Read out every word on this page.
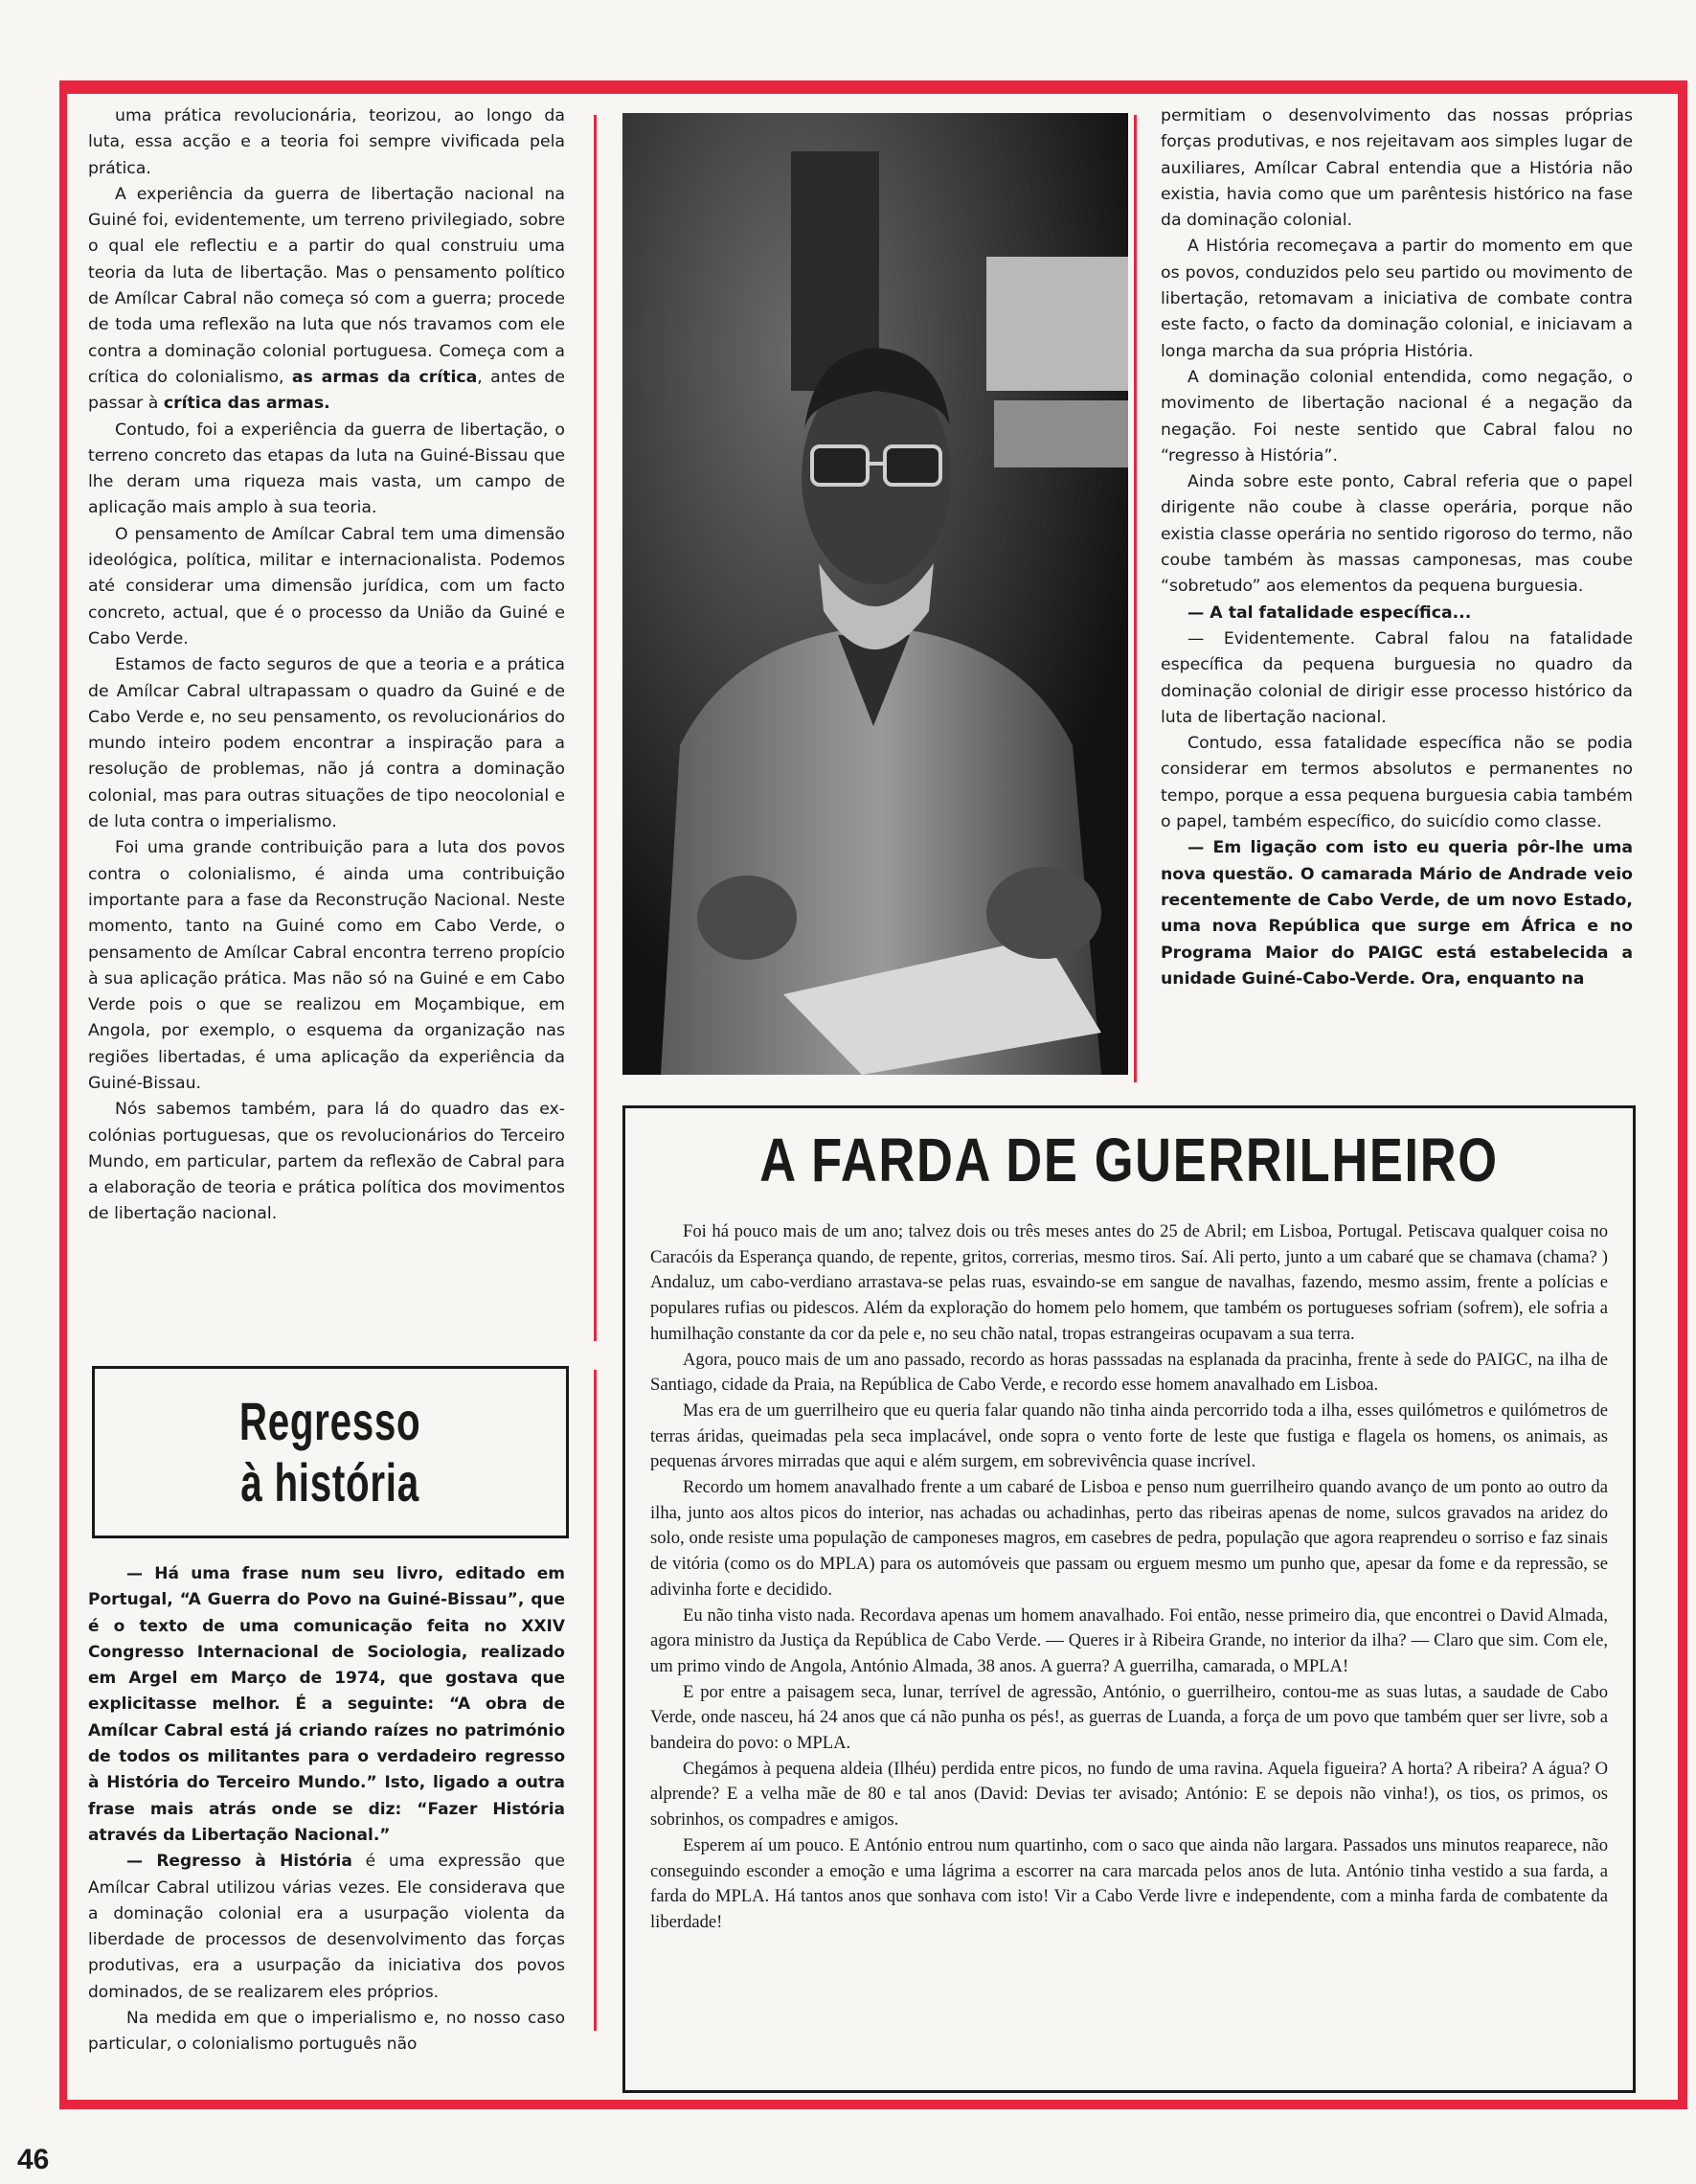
uma prática revolucionária, teorizou, ao longo da luta, essa acção e a teoria foi sempre vivificada pela prática.

A experiência da guerra de libertação nacional na Guiné foi, evidentemente, um terreno privilegiado, sobre o qual ele reflectiu e a partir do qual construiu uma teoria da luta de libertação. Mas o pensamento político de Amílcar Cabral não começa só com a guerra; procede de toda uma reflexão na luta que nós travamos com ele contra a dominação colonial portuguesa. Começa com a crítica do colonialismo, as armas da crítica, antes de passar à crítica das armas.

Contudo, foi a experiência da guerra de libertação, o terreno concreto das etapas da luta na Guiné-Bissau que lhe deram uma riqueza mais vasta, um campo de aplicação mais amplo à sua teoria.

O pensamento de Amílcar Cabral tem uma dimensão ideológica, política, militar e internacionalista. Podemos até considerar uma dimensão jurídica, com um facto concreto, actual, que é o processo da União da Guiné e Cabo Verde.

Estamos de facto seguros de que a teoria e a prática de Amílcar Cabral ultrapassam o quadro da Guiné e de Cabo Verde e, no seu pensamento, os revolucionários do mundo inteiro podem encontrar a inspiração para a resolução de problemas, não já contra a dominação colonial, mas para outras situações de tipo neocolonial e de luta contra o imperialismo.

Foi uma grande contribuição para a luta dos povos contra o colonialismo, é ainda uma contribuição importante para a fase da Reconstrução Nacional. Neste momento, tanto na Guiné como em Cabo Verde, o pensamento de Amílcar Cabral encontra terreno propício à sua aplicação prática. Mas não só na Guiné e em Cabo Verde pois o que se realizou em Moçambique, em Angola, por exemplo, o esquema da organização nas regiões libertadas, é uma aplicação da experiência da Guiné-Bissau.

Nós sabemos também, para lá do quadro das ex-colónias portuguesas, que os revolucionários do Terceiro Mundo, em particular, partem da reflexão de Cabral para a elaboração de teoria e prática política dos movimentos de libertação nacional.

permitiam o desenvolvimento das nossas próprias forças produtivas, e nos rejeitavam aos simples lugar de auxiliares, Amílcar Cabral entendia que a História não existia, havia como que um parêntesis histórico na fase da dominação colonial.

A História recomeçava a partir do momento em que os povos, conduzidos pelo seu partido ou movimento de libertação, retomavam a iniciativa de combate contra este facto, o facto da dominação colonial, e iniciavam a longa marcha da sua própria História.

A dominação colonial entendida, como negação, o movimento de libertação nacional é a negação da negação. Foi neste sentido que Cabral falou no “regresso à História”.

Ainda sobre este ponto, Cabral referia que o papel dirigente não coube à classe operária, porque não existia classe operária no sentido rigoroso do termo, não coube também às massas camponesas, mas coube “sobretudo” aos elementos da pequena burguesia.

— A tal fatalidade específica...

— Evidentemente. Cabral falou na fatalidade específica da pequena burguesia no quadro da dominação colonial de dirigir esse processo histórico da luta de libertação nacional.

Contudo, essa fatalidade específica não se podia considerar em termos absolutos e permanentes no tempo, porque a essa pequena burguesia cabia também o papel, também específico, do suicídio como classe.

— Em ligação com isto eu queria pôr-lhe uma nova questão. O camarada Mário de Andrade veio recentemente de Cabo Verde, de um novo Estado, uma nova República que surge em África e no Programa Maior do PAIGC está estabelecida a unidade Guiné-Cabo-Verde. Ora, enquanto na

Regresso
à história

— Há uma frase num seu livro, editado em Portugal, “A Guerra do Povo na Guiné-Bissau”, que é o texto de uma comunicação feita no XXIV Congresso Internacional de Sociologia, realizado em Argel em Março de 1974, que gostava que explicitasse melhor. É a seguinte: “A obra de Amílcar Cabral está já criando raízes no património de todos os militantes para o verdadeiro regresso à História do Terceiro Mundo.” Isto, ligado a outra frase mais atrás onde se diz: “Fazer História através da Libertação Nacional.”

— Regresso à História é uma expressão que Amílcar Cabral utilizou várias vezes. Ele considerava que a dominação colonial era a usurpação violenta da liberdade de processos de desenvolvimento das forças produtivas, era a usurpação da iniciativa dos povos dominados, de se realizarem eles próprios.

Na medida em que o imperialismo e, no nosso caso particular, o colonialismo português não

A FARDA DE GUERRILHEIRO

Foi há pouco mais de um ano; talvez dois ou três meses antes do 25 de Abril; em Lisboa, Portugal. Petiscava qualquer coisa no Caracóis da Esperança quando, de repente, gritos, correrias, mesmo tiros. Saí. Ali perto, junto a um cabaré que se chamava (chama? ) Andaluz, um cabo-verdiano arrastava-se pelas ruas, esvaindo-se em sangue de navalhas, fazendo, mesmo assim, frente a polícias e populares rufias ou pidescos. Além da exploração do homem pelo homem, que também os portugueses sofriam (sofrem), ele sofria a humilhação constante da cor da pele e, no seu chão natal, tropas estrangeiras ocupavam a sua terra.

Agora, pouco mais de um ano passado, recordo as horas passsadas na esplanada da pracinha, frente à sede do PAIGC, na ilha de Santiago, cidade da Praia, na República de Cabo Verde, e recordo esse homem anavalhado em Lisboa.

Mas era de um guerrilheiro que eu queria falar quando não tinha ainda percorrido toda a ilha, esses quilómetros e quilómetros de terras áridas, queimadas pela seca implacável, onde sopra o vento forte de leste que fustiga e flagela os homens, os animais, as pequenas árvores mirradas que aqui e além surgem, em sobrevivência quase incrível.

Recordo um homem anavalhado frente a um cabaré de Lisboa e penso num guerrilheiro quando avanço de um ponto ao outro da ilha, junto aos altos picos do interior, nas achadas ou achadinhas, perto das ribeiras apenas de nome, sulcos gravados na aridez do solo, onde resiste uma população de camponeses magros, em casebres de pedra, população que agora reaprendeu o sorriso e faz sinais de vitória (como os do MPLA) para os automóveis que passam ou erguem mesmo um punho que, apesar da fome e da repressão, se adivinha forte e decidido.

Eu não tinha visto nada. Recordava apenas um homem anavalhado. Foi então, nesse primeiro dia, que encontrei o David Almada, agora ministro da Justiça da República de Cabo Verde. — Queres ir à Ribeira Grande, no interior da ilha? — Claro que sim. Com ele, um primo vindo de Angola, António Almada, 38 anos. A guerra? A guerrilha, camarada, o MPLA!

E por entre a paisagem seca, lunar, terrível de agressão, António, o guerrilheiro, contou-me as suas lutas, a saudade de Cabo Verde, onde nasceu, há 24 anos que cá não punha os pés!, as guerras de Luanda, a força de um povo que também quer ser livre, sob a bandeira do povo: o MPLA.

Chegámos à pequena aldeia (Ilhéu) perdida entre picos, no fundo de uma ravina. Aquela figueira? A horta? A ribeira? A água? O alprende? E a velha mãe de 80 e tal anos (David: Devias ter avisado; António: E se depois não vinha!), os tios, os primos, os sobrinhos, os compadres e amigos.

Esperem aí um pouco. E António entrou num quartinho, com o saco que ainda não largara. Passados uns minutos reaparece, não conseguindo esconder a emoção e uma lágrima a escorrer na cara marcada pelos anos de luta. António tinha vestido a sua farda, a farda do MPLA. Há tantos anos que sonhava com isto! Vir a Cabo Verde livre e independente, com a minha farda de combatente da liberdade!

46
